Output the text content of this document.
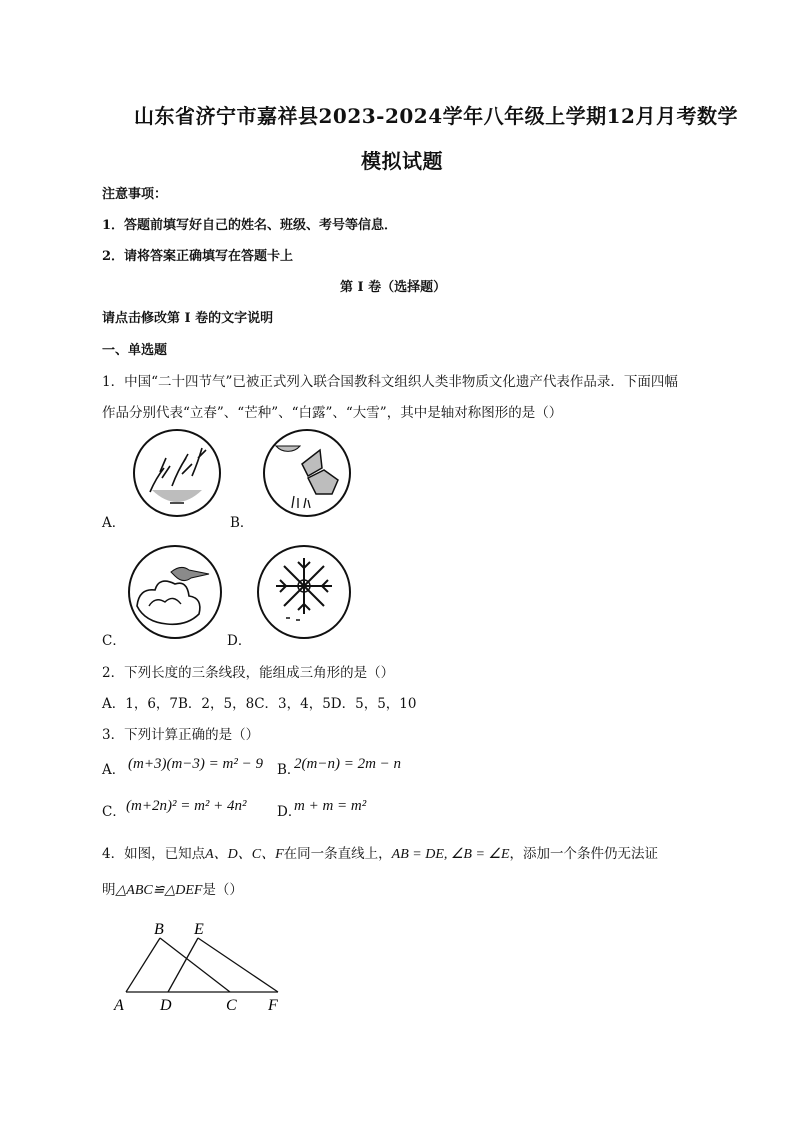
山东省济宁市嘉祥县2023-2024学年八年级上学期12月月考数学
模拟试题
注意事项：
1．答题前填写好自己的姓名、班级、考号等信息．
2．请将答案正确填写在答题卡上
第 I 卷（选择题）
请点击修改第 I 卷的文字说明
一、单选题
1．中国“二十四节气”已被正式列入联合国教科文组织人类非物质文化遗产代表作品录．下面四幅
作品分别代表“立春”、“芒种”、“白露”、“大雪”，其中是轴对称图形的是（）
A．	B．
C．	D．
2．下列长度的三条线段，能组成三角形的是（）
A．1，6，7B．2，5，8C．3，4，5D．5，5，10
3．下列计算正确的是（）
A． (m+3)(m−3) = m² − 9 B．
2(m−n) = 2m − n
C． (m+2n)² = m² + 4n² D．
m + m = m²
4．如图，已知点A、D、C、F在同一条直线上，AB = DE, ∠B = ∠E，添加一个条件仍无法证
明△ABC≌△DEF是（）
B E
A D	C F
